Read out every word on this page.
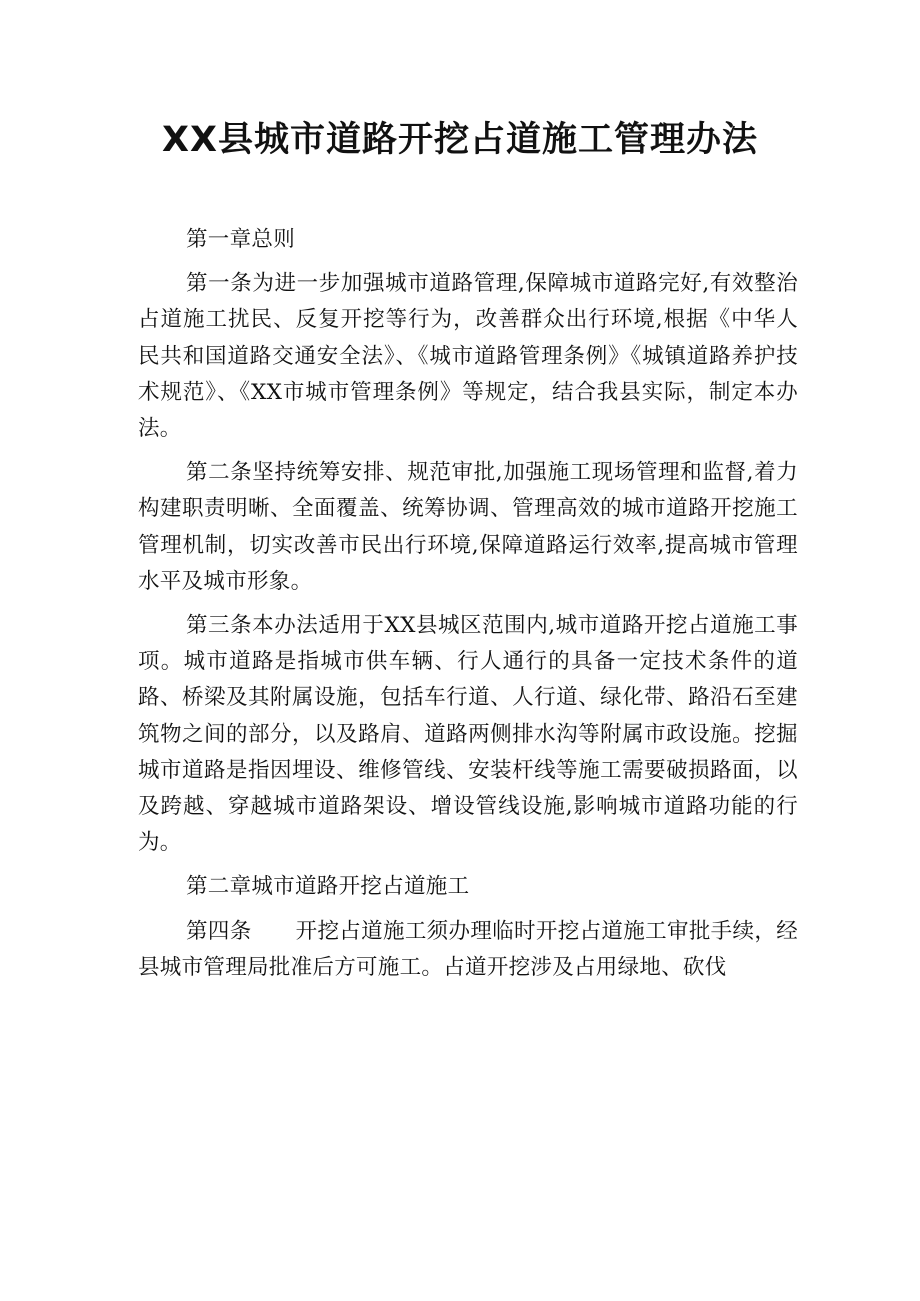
XX县城市道路开挖占道施工管理办法
第一章总则

第一条为进一步加强城市道路管理,保障城市道路完好,有效整治占道施工扰民、反复开挖等行为，改善群众出行环境,根据《中华人民共和国道路交通安全法》、《城市道路管理条例》《城镇道路养护技术规范》、《XX市城市管理条例》等规定，结合我县实际，制定本办法。

第二条坚持统筹安排、规范审批,加强施工现场管理和监督,着力构建职责明晰、全面覆盖、统筹协调、管理高效的城市道路开挖施工管理机制，切实改善市民出行环境,保障道路运行效率,提高城市管理水平及城市形象。

第三条本办法适用于XX县城区范围内,城市道路开挖占道施工事项。城市道路是指城市供车辆、行人通行的具备一定技术条件的道路、桥梁及其附属设施，包括车行道、人行道、绿化带、路沿石至建筑物之间的部分，以及路肩、道路两侧排水沟等附属市政设施。挖掘城市道路是指因埋设、维修管线、安装杆线等施工需要破损路面，以及跨越、穿越城市道路架设、增设管线设施,影响城市道路功能的行为。

第二章城市道路开挖占道施工

第四条 开挖占道施工须办理临时开挖占道施工审批手续，经县城市管理局批准后方可施工。占道开挖涉及占用绿地、砍伐
